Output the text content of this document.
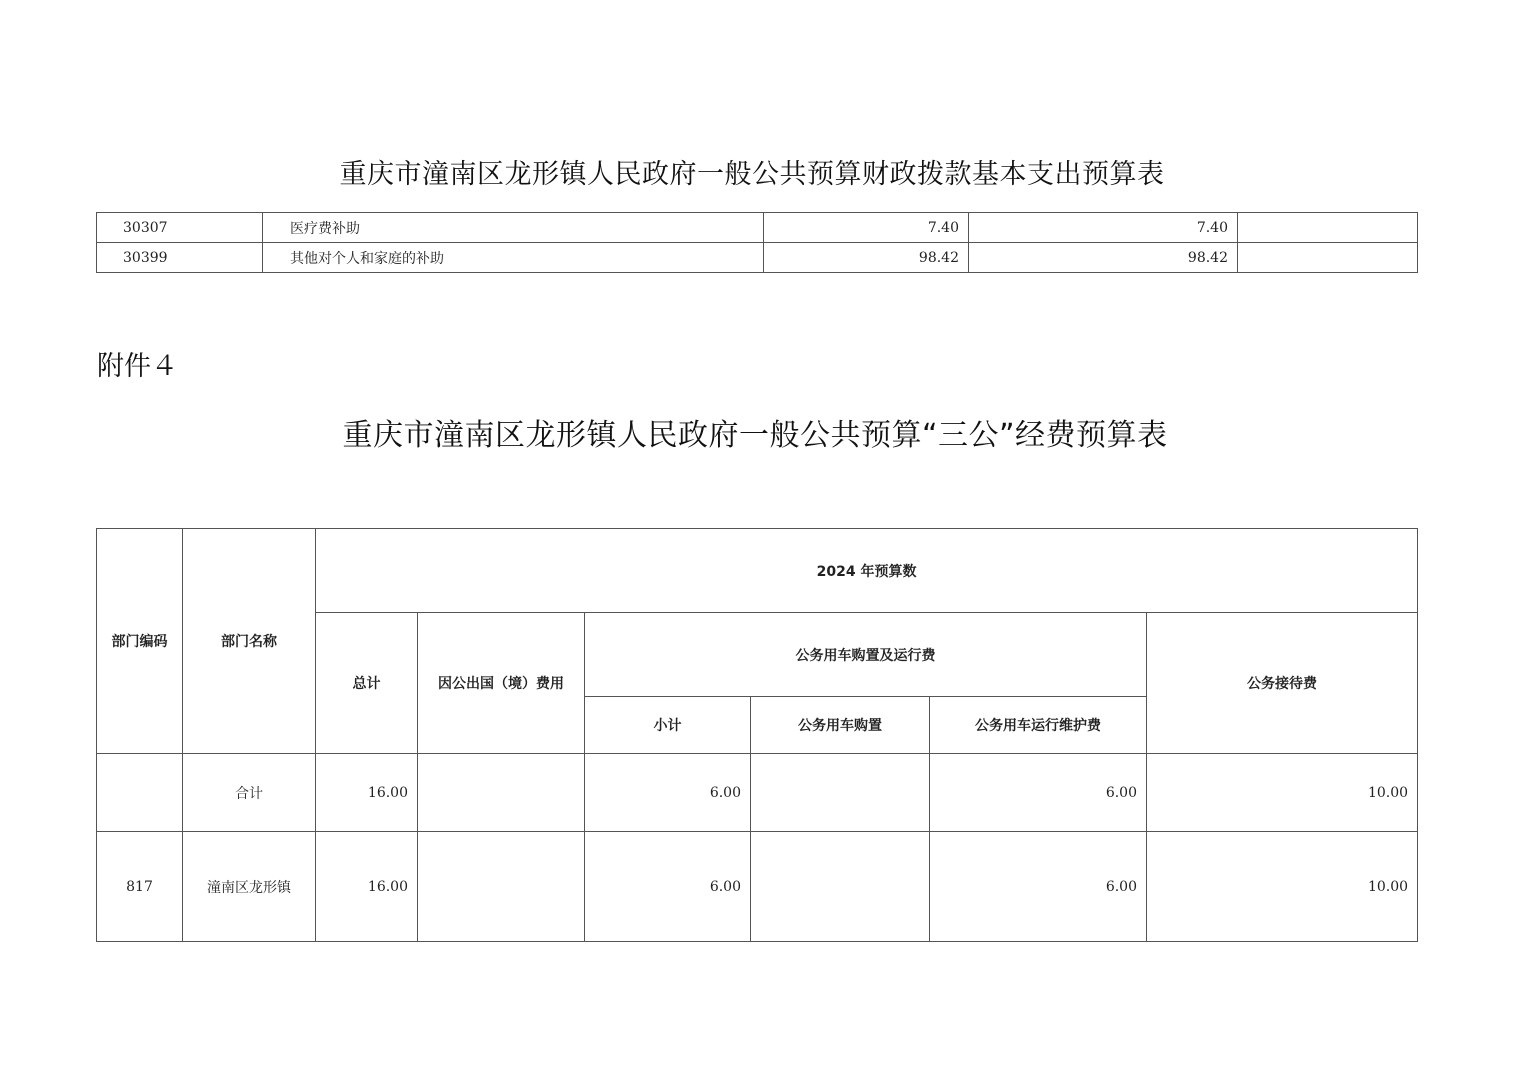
重庆市潼南区龙形镇人民政府一般公共预算财政拨款基本支出预算表
30307	医疗费补助	7.40	7.40	
30399	其他对个人和家庭的补助	98.42	98.42	

附件４

重庆市潼南区龙形镇人民政府一般公共预算“三公”经费预算表
部门编码	部门名称	2024 年预算数					
		总计	因公出国（境）费用	公务用车购置及运行费			公务接待费
				小计	公务用车购置	公务用车运行维护费	
	合计	16.00		6.00		6.00	10.00
817	潼南区龙形镇	16.00		6.00		6.00	10.00
